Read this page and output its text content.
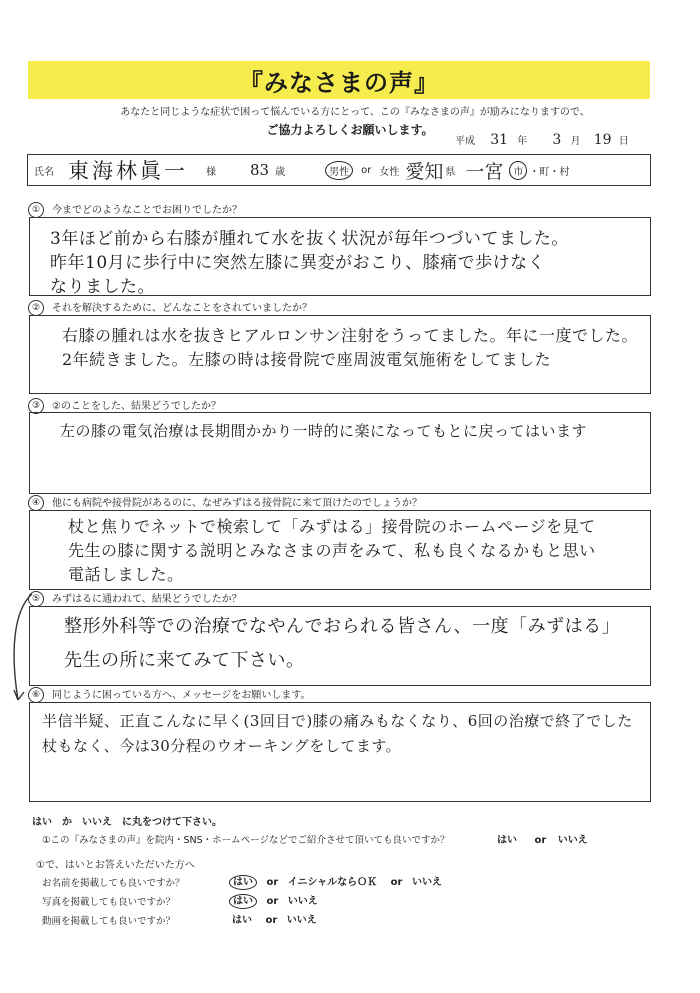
『みなさまの声』
あなたと同じような症状で困って悩んでいる方にとって、この『みなさまの声』が励みになりますので、
ご協力よろしくお願いします。
平成 31 年 3 月 19 日
氏名 東海林眞一 様 83 歳	男性	or 女性 愛知 県 一宮	市 ・町・村
① 今までどのようなことでお困りでしたか？
3年ほど前から右膝が腫れて水を抜く状況が毎年つづいてました。
昨年10月に歩行中に突然左膝に異変がおこり、膝痛で歩けなく
なりました。
② それを解決するために、どんなことをされていましたか？
右膝の腫れは水を抜きヒアルロンサン注射をうってました。年に一度でした。
2年続きました。左膝の時は接骨院で座周波電気施術をしてました
③ ②のことをした、結果どうでしたか？
左の膝の電気治療は長期間かかり一時的に楽になってもとに戻ってはいます
④ 他にも病院や接骨院があるのに、なぜみずはる接骨院に来て頂けたのでしょうか？
杖と焦りでネットで検索して「みずはる」接骨院のホームページを見て
先生の膝に関する説明とみなさまの声をみて、私も良くなるかもと思い
電話しました。
⑤ みずはるに通われて、結果どうでしたか？
整形外科等での治療でなやんでおられる皆さん、一度「みずはる」
先生の所に来てみて下さい。
⑥ 同じように困っている方へ、メッセージをお願いします。
半信半疑、正直こんなに早く(3回目で)膝の痛みもなくなり、6回の治療で終了でした
杖もなく、今は30分程のウオーキングをしてます。
はい　か　いいえ　に丸をつけて下さい。
①この『みなさまの声』を院内・SNS・ホームページなどでご紹介させて頂いても良いですか？	はい or いいえ
①で、はいとお答えいただいた方へ
お名前を掲載しても良いですか？	はい or イニシャルならＯＫ or いいえ
写真を掲載しても良いですか？	はい or いいえ
動画を掲載しても良いですか？	はい or いいえ
